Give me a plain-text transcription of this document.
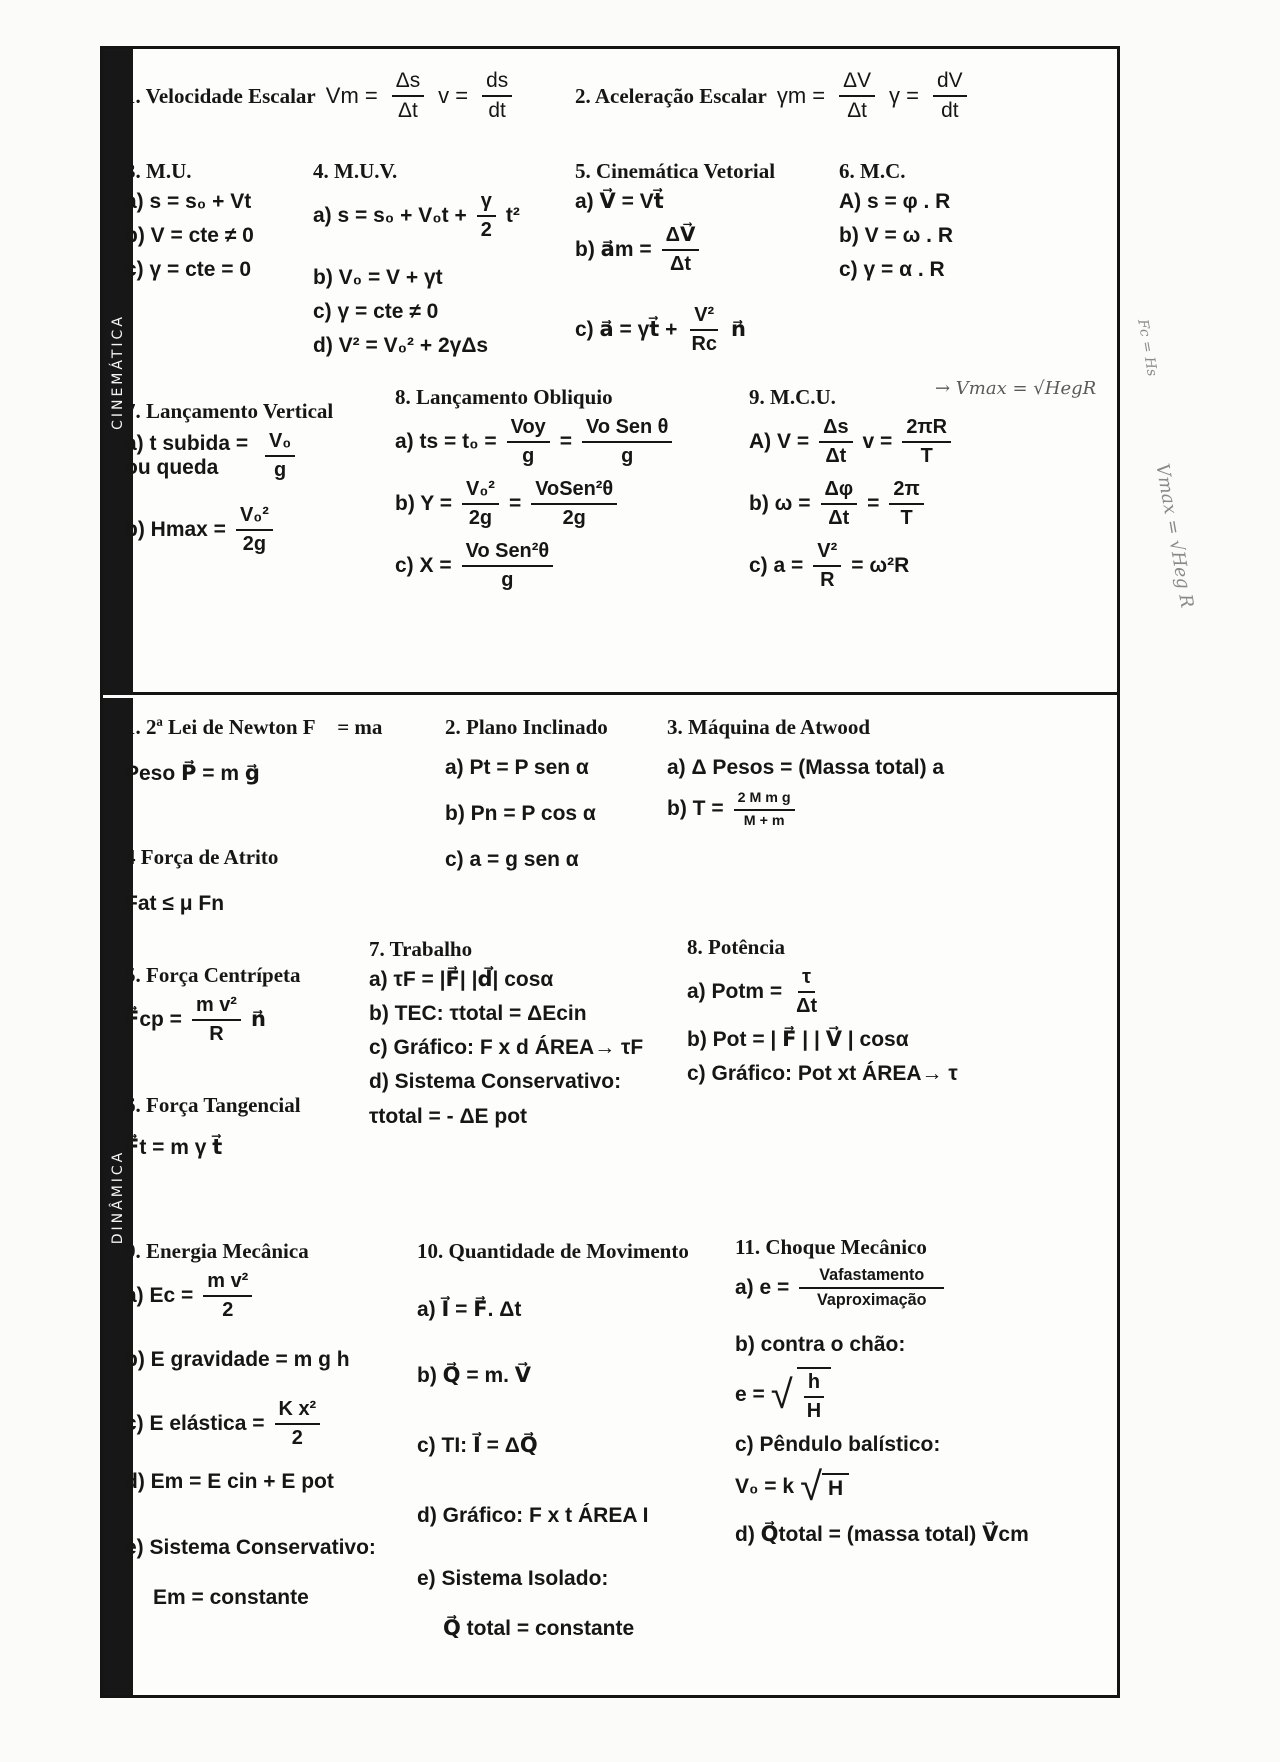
CINEMÁTICA
DINÂMICA
1. Velocidade Escalar $Vm = \frac{\Delta s}{\Delta t}$ $v = \frac{ds}{dt}$	2. Aceleração Escalar $\gamma m = \frac{\Delta V}{\Delta t}$ $\gamma = \frac{dV}{dt}$
3. M.U.
a) s = s₀ + Vt
b) V = cte ≠ 0
c) γ = cte = 0
4. M.U.V.
a) $s = s_0 + V_0t + \frac{\gamma}{2} t^2$
b) V₀ = V + γt
c) γ = cte ≠ 0
d) V² = V₀² + 2γΔs
5. Cinemática Vetorial
a) V⃗ = Vt⃗
b) a⃗m = $\frac{\Delta V⃗}{\Delta t}$
c) a⃗ = γt⃗ + $\frac{\text{V²}}{Rc}$ n⃗
6. M.C.
A) s = φ . R
b) V = ω . R
c) γ = α . R
7. Lançamento Vertical
a) t subida = ou queda	$\frac{\text{V₀}}{g}$
b) $Hmax = \frac{\text{V₀²}}{2g}$
8. Lançamento Obliquio
a) ts = $t_0 = \frac{\text{Voy}}{g} = \frac{\text{Vo Sen θ}}{g}$
b) $Y = \frac{\text{V₀²}}{2g} = \frac{\text{VoSen²θ}}{2g}$
c) $X = \frac{\text{Vo Sen²θ}}{g}$
9. M.C.U.
A) $V = \frac{\Delta s}{\Delta t}$ $v = \frac{2\pi R}{T}$
b) $\omega = \frac{\Delta\varphi}{\Delta t} = \frac{2\pi}{T}$
c) $a = \frac{\text{V²}}{R} = \omega^2R$
1. 2ª Lei de Newton F⃗ = ma⃗
Peso P⃗ = m g⃗
2. Plano Inclinado
a) Pt = P sen α
b) Pn = P cos α
c) a = g sen α
3. Máquina de Atwood
a) Δ Pesos = (Massa total) a
b) $T = \frac{\text{2 M m g}}{M + m}$
4 Força de Atrito
Fat ≤ μ Fn
5. Força Centrípeta
F⃗cp = $\frac{\text{m v²}}{R}$ n⃗
6. Força Tangencial
F⃗t = m γ t⃗
7. Trabalho
a) τF = |F⃗| |d⃗| cosα
b) TEC: τtotal = ΔEcin
c) Gráfico: F x d ÁREA→ τF
d) Sistema Conservativo:
τtotal = - ΔE pot
8. Potência
a) Potm = $\frac{\tau}{\Delta t}$
b) Pot = | F⃗ | | V⃗ | cosα
c) Gráfico: Pot xt ÁREA→ τ
9. Energia Mecânica
a) $Ec = \frac{\text{m v²}}{2}$
b) E gravidade = m g h
c) E elástica = $\frac{\text{K x²}}{2}$
d) Em = E cin + E pot
e) Sistema Conservativo:
Em = constante
10. Quantidade de Movimento
a) I⃗ = F⃗. Δt
b) Q⃗ = m. V⃗
c) TI: I⃗ = ΔQ⃗
d) Gráfico: F x t ÁREA I
e) Sistema Isolado:
Q⃗ total = constante
11. Choque Mecânico
a) $e = \frac{\text{Vafastamento}}{\text{Vaproximação}}$
b) contra o chão:
e = √ $\frac{h}{H}$
c) Pêndulo balístico:
V₀ = k √ H
d) Q⃗total = (massa total) V⃗cm
→ Vmax = √HegR
Vmax = √Heg R
Fc = Hs
